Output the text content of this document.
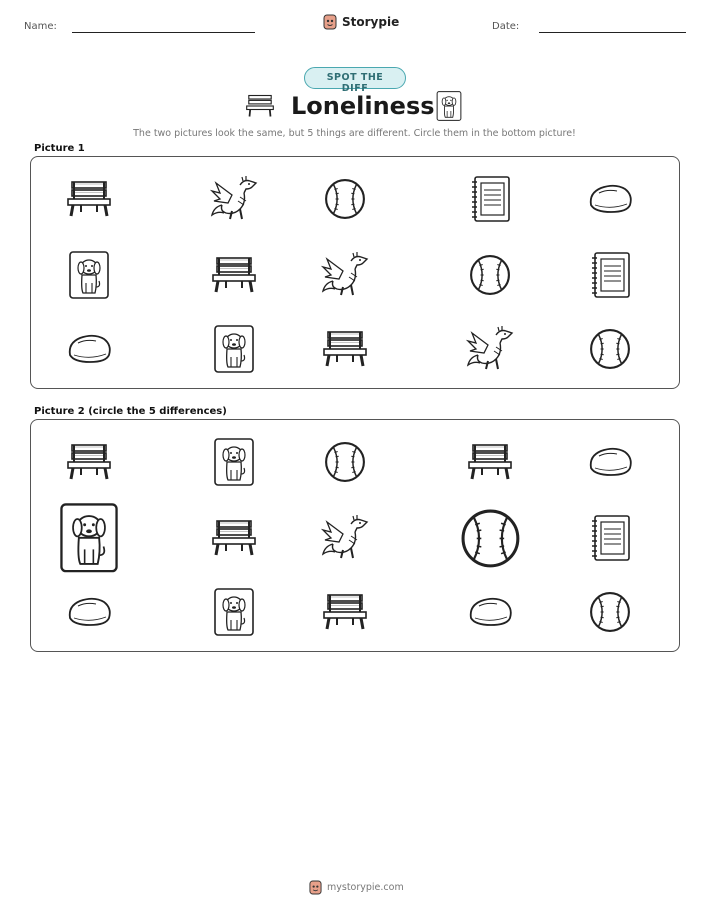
Name:	Storypie	Date:
SPOT THE DIFF
Loneliness
The two pictures look the same, but 5 things are different. Circle them in the bottom picture!
Picture 1
Picture 2 (circle the 5 differences)
mystorypie.com
